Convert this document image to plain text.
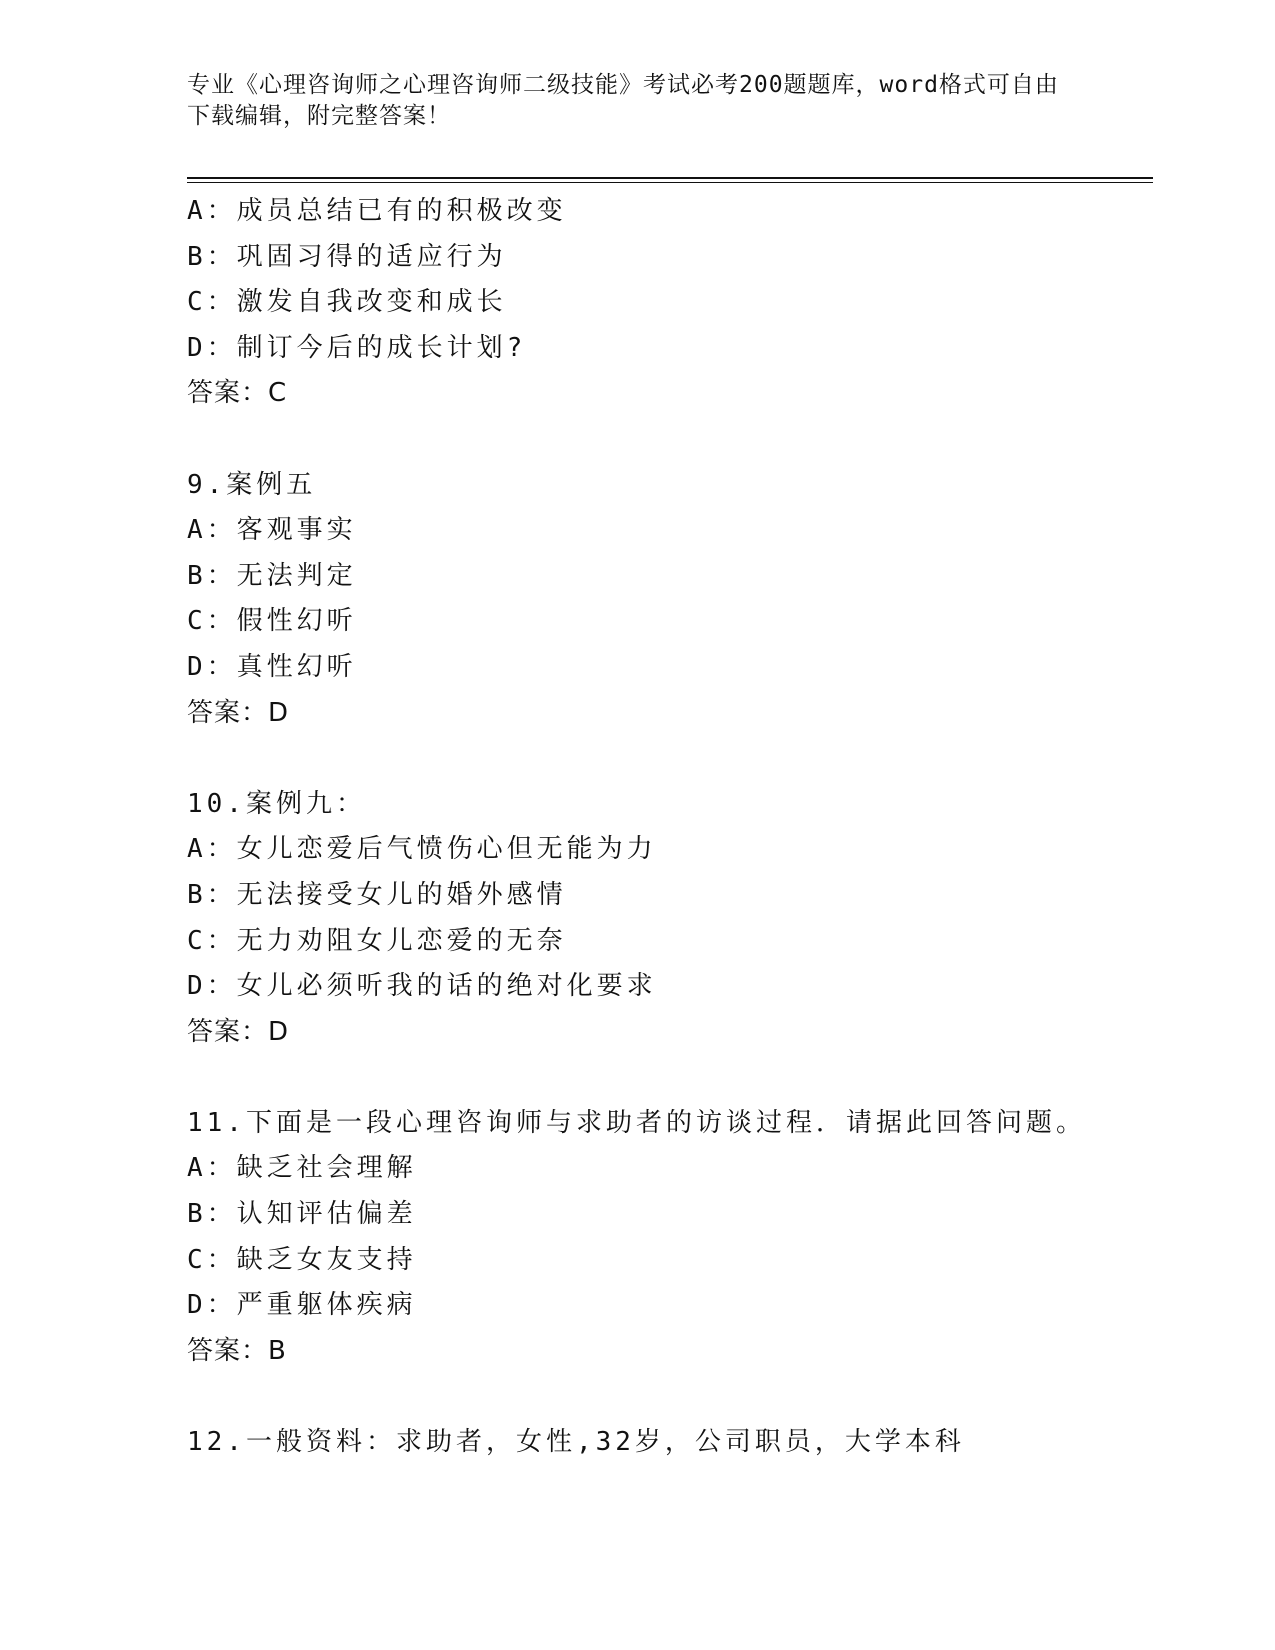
专业《心理咨询师之心理咨询师二级技能》考试必考200题题库，word格式可自由下载编辑，附完整答案！
A：成员总结已有的积极改变
B：巩固习得的适应行为
C：激发自我改变和成长
D：制订今后的成长计划?
答案：C
9.案例五
A：客观事实
B：无法判定
C：假性幻听
D：真性幻听
答案：D
10.案例九：
A：女儿恋爱后气愤伤心但无能为力
B：无法接受女儿的婚外感情
C：无力劝阻女儿恋爱的无奈
D：女儿必须听我的话的绝对化要求
答案：D
11.下面是一段心理咨询师与求助者的访谈过程．请据此回答问题。
A：缺乏社会理解
B：认知评估偏差
C：缺乏女友支持
D：严重躯体疾病
答案：B
12.一般资料：求助者，女性,32岁，公司职员，大学本科
